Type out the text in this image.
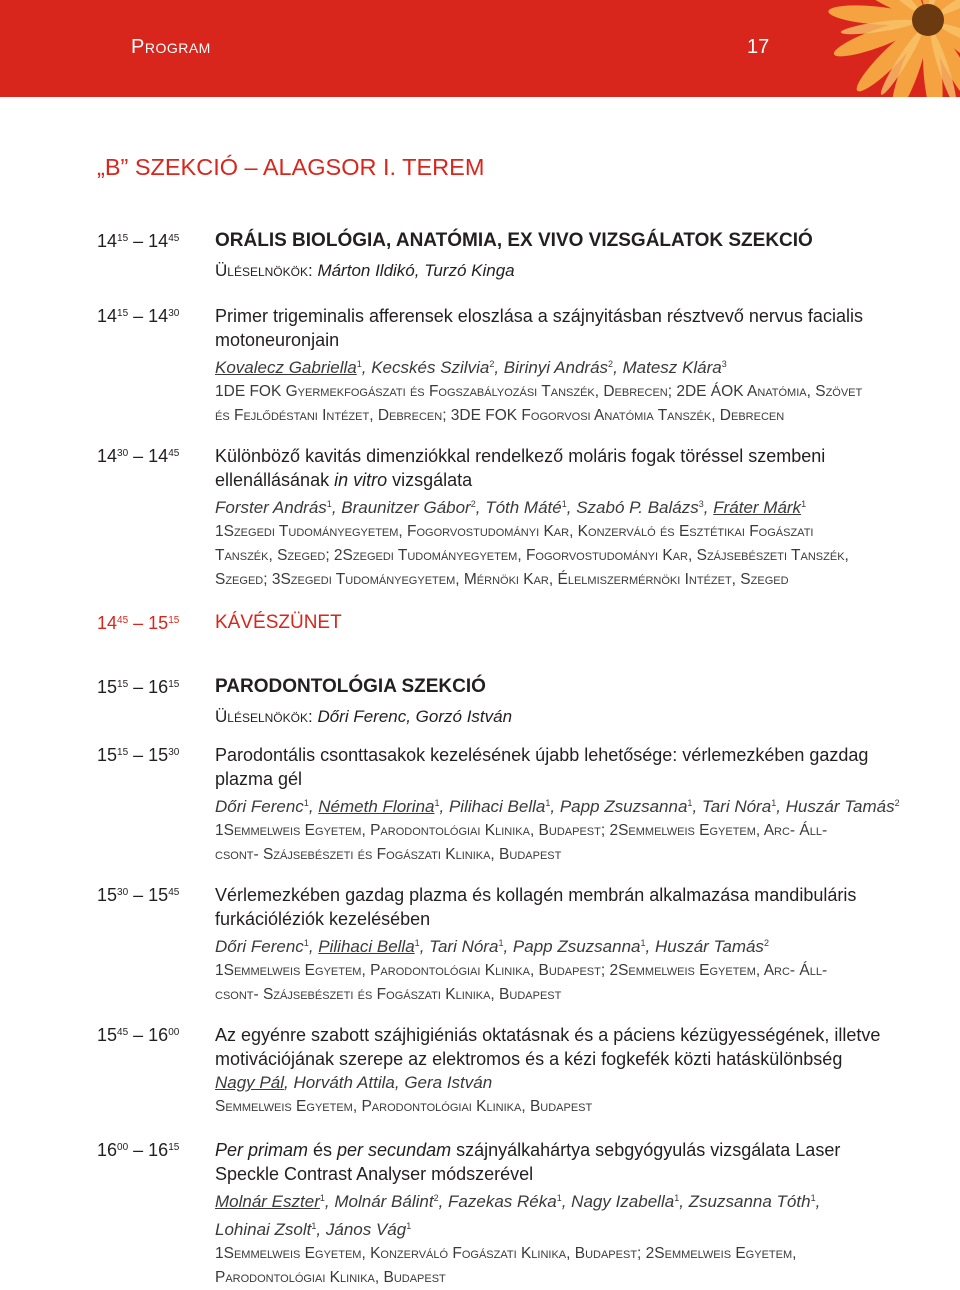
Program	17
„B” SZEKCIÓ – ALAGSOR I. TEREM
$14^{15} - 14^{45}$ ORÁLIS BIOLÓGIA, ANATÓMIA, EX VIVO VIZSGÁLATOK SZEKCIÓ
Üléselnökök: Márton Ildikó, Turzó Kinga
$14^{15} - 14^{30}$ Primer trigeminalis afferensek eloszlása a szájnyitásban résztvevő nervus facialis
motoneuronjain
Kovalecz Gabriella$^1$, Kecskés Szilvia$^2$, Birinyi András$^2$, Matesz Klára$^3$
1DE FOK Gyermekfogászati és Fogszabályozási Tanszék, Debrecen; 2DE ÁOK Anatómia, Szövet
és Fejlődéstani Intézet, Debrecen; 3DE FOK Fogorvosi Anatómia Tanszék, Debrecen
$14^{30} - 14^{45}$ Különböző kavitás dimenziókkal rendelkező moláris fogak töréssel szembeni
ellenállásának in vitro vizsgálata
Forster András$^1$, Braunitzer Gábor$^2$, Tóth Máté$^1$, Szabó P. Balázs$^3$, Fráter Márk$^1$
1Szegedi Tudományegyetem, Fogorvostudományi Kar, Konzerváló és Esztétikai Fogászati
Tanszék, Szeged; 2Szegedi Tudományegyetem, Fogorvostudományi Kar, Szájsebészeti Tanszék,
Szeged; 3Szegedi Tudományegyetem, Mérnöki Kar, Élelmiszermérnöki Intézet, Szeged
$14^{45} - 15^{15}$ KÁVÉSZÜNET
$15^{15} - 16^{15}$ PARODONTOLÓGIA SZEKCIÓ
Üléselnökök: Dőri Ferenc, Gorzó István
$15^{15} - 15^{30}$ Parodontális csonttasakok kezelésének újabb lehetősége: vérlemezkében gazdag
plazma gél
Dőri Ferenc$^1$, Németh Florina$^1$, Pilihaci Bella$^1$, Papp Zsuzsanna$^1$, Tari Nóra$^1$, Huszár Tamás$^2$
1Semmelweis Egyetem, Parodontológiai Klinika, Budapest; 2Semmelweis Egyetem, Arc- Áll-
csont- Szájsebészeti és Fogászati Klinika, Budapest
$15^{30} - 15^{45}$ Vérlemezkében gazdag plazma és kollagén membrán alkalmazása mandibuláris
furkációléziók kezelésében
Dőri Ferenc$^1$, Pilihaci Bella$^1$, Tari Nóra$^1$, Papp Zsuzsanna$^1$, Huszár Tamás$^2$
1Semmelweis Egyetem, Parodontológiai Klinika, Budapest; 2Semmelweis Egyetem, Arc- Áll-
csont- Szájsebészeti és Fogászati Klinika, Budapest
$15^{45} - 16^{00}$ Az egyénre szabott szájhigiéniás oktatásnak és a páciens kézügyességének, illetve
motivációjának szerepe az elektromos és a kézi fogkefék közti hatáskülönbség
Nagy Pál, Horváth Attila, Gera István
Semmelweis Egyetem, Parodontológiai Klinika, Budapest
$16^{00} - 16^{15}$ Per primam és per secundam szájnyálkahártya sebgyógyulás vizsgálata Laser
Speckle Contrast Analyser módszerével
Molnár Eszter$^1$, Molnár Bálint$^2$, Fazekas Réka$^1$, Nagy Izabella$^1$, Zsuzsanna Tóth$^1$,
Lohinai Zsolt$^1$, János Vág$^1$
1Semmelweis Egyetem, Konzerváló Fogászati Klinika, Budapest; 2Semmelweis Egyetem,
Parodontológiai Klinika, Budapest
